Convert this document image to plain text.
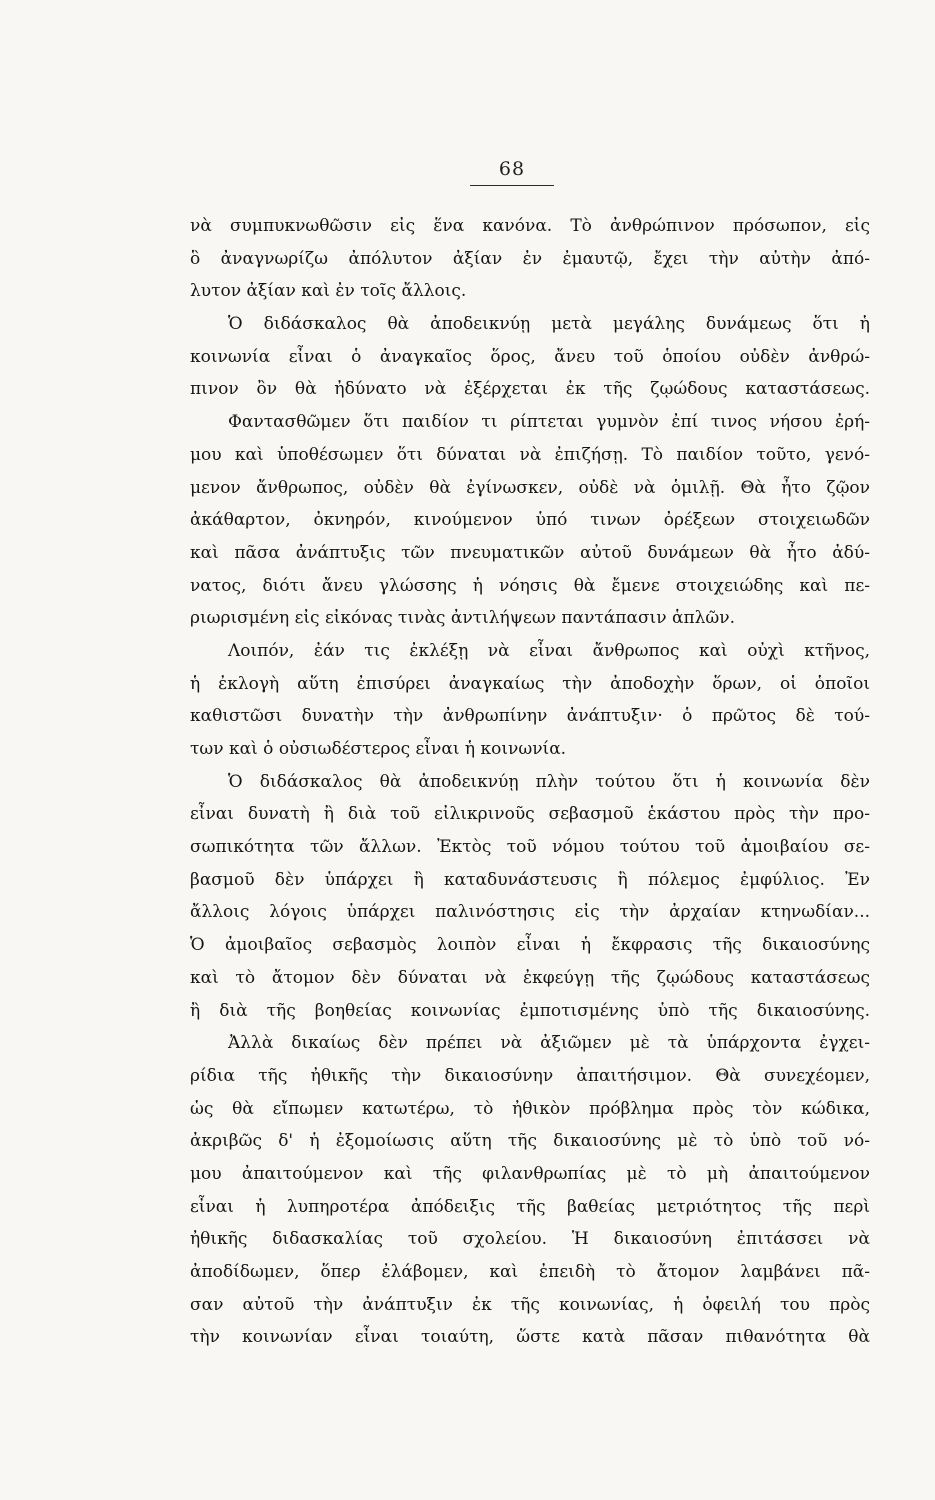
68
νὰ συμπυκνωθῶσιν εἰς ἕνα κανόνα. Τὸ ἀνθρώπινον πρόσωπον, εἰς
ὃ ἀναγνωρίζω ἀπόλυτον ἀξίαν ἐν ἐμαυτῷ, ἔχει τὴν αὐτὴν ἀπό-
λυτον ἀξίαν καὶ ἐν τοῖς ἄλλοις.
Ὁ διδάσκαλος θὰ ἀποδεικνύῃ μετὰ μεγάλης δυνάμεως ὅτι ἡ
κοινωνία εἶναι ὁ ἀναγκαῖος ὅρος, ἄνευ τοῦ ὁποίου οὐδὲν ἀνθρώ-
πινον ὂν θὰ ἠδύνατο νὰ ἐξέρχεται ἐκ τῆς ζῳώδους καταστάσεως.
Φαντασθῶμεν ὅτι παιδίον τι ρίπτεται γυμνὸν ἐπί τινος νήσου ἐρή-
μου καὶ ὑποθέσωμεν ὅτι δύναται νὰ ἐπιζήσῃ. Τὸ παιδίον τοῦτο, γενό-
μενον ἄνθρωπος, οὐδὲν θὰ ἐγίνωσκεν, οὐδὲ νὰ ὁμιλῇ. Θὰ ἦτο ζῷον
ἀκάθαρτον, ὀκνηρόν, κινούμενον ὑπό τινων ὀρέξεων στοιχειωδῶν
καὶ πᾶσα ἀνάπτυξις τῶν πνευματικῶν αὐτοῦ δυνάμεων θὰ ἦτο ἀδύ-
νατος, διότι ἄνευ γλώσσης ἡ νόησις θὰ ἔμενε στοιχειώδης καὶ πε-
ριωρισμένη εἰς εἰκόνας τινὰς ἀντιλήψεων παντάπασιν ἁπλῶν.
Λοιπόν, ἐάν τις ἐκλέξῃ νὰ εἶναι ἄνθρωπος καὶ οὐχὶ κτῆνος,
ἡ ἐκλογὴ αὕτη ἐπισύρει ἀναγκαίως τὴν ἀποδοχὴν ὅρων, οἱ ὁποῖοι
καθιστῶσι δυνατὴν τὴν ἀνθρωπίνην ἀνάπτυξιν· ὁ πρῶτος δὲ τού-
των καὶ ὁ οὐσιωδέστερος εἶναι ἡ κοινωνία.
Ὁ διδάσκαλος θὰ ἀποδεικνύῃ πλὴν τούτου ὅτι ἡ κοινωνία δὲν
εἶναι δυνατὴ ἢ διὰ τοῦ εἰλικρινοῦς σεβασμοῦ ἑκάστου πρὸς τὴν προ-
σωπικότητα τῶν ἄλλων. Ἐκτὸς τοῦ νόμου τούτου τοῦ ἀμοιβαίου σε-
βασμοῦ δὲν ὑπάρχει ἢ καταδυνάστευσις ἢ πόλεμος ἐμφύλιος. Ἐν
ἄλλοις λόγοις ὑπάρχει παλινόστησις εἰς τὴν ἀρχαίαν κτηνωδίαν...
Ὁ ἀμοιβαῖος σεβασμὸς λοιπὸν εἶναι ἡ ἔκφρασις τῆς δικαιοσύνης
καὶ τὸ ἄτομον δὲν δύναται νὰ ἐκφεύγῃ τῆς ζῳώδους καταστάσεως
ἢ διὰ τῆς βοηθείας κοινωνίας ἐμποτισμένης ὑπὸ τῆς δικαιοσύνης.
Ἀλλὰ δικαίως δὲν πρέπει νὰ ἀξιῶμεν μὲ τὰ ὑπάρχοντα ἐγχει-
ρίδια τῆς ἠθικῆς τὴν δικαιοσύνην ἀπαιτήσιμον. Θὰ συνεχέομεν,
ὡς θὰ εἴπωμεν κατωτέρω, τὸ ἠθικὸν πρόβλημα πρὸς τὸν κώδικα,
ἀκριβῶς δ' ἡ ἐξομοίωσις αὕτη τῆς δικαιοσύνης μὲ τὸ ὑπὸ τοῦ νό-
μου ἀπαιτούμενον καὶ τῆς φιλανθρωπίας μὲ τὸ μὴ ἀπαιτούμενον
εἶναι ἡ λυπηροτέρα ἀπόδειξις τῆς βαθείας μετριότητος τῆς περὶ
ἠθικῆς διδασκαλίας τοῦ σχολείου. Ἡ δικαιοσύνη ἐπιτάσσει νὰ
ἀποδίδωμεν, ὅπερ ἐλάβομεν, καὶ ἐπειδὴ τὸ ἄτομον λαμβάνει πᾶ-
σαν αὐτοῦ τὴν ἀνάπτυξιν ἐκ τῆς κοινωνίας, ἡ ὀφειλή του πρὸς
τὴν κοινωνίαν εἶναι τοιαύτη, ὥστε κατὰ πᾶσαν πιθανότητα θὰ
